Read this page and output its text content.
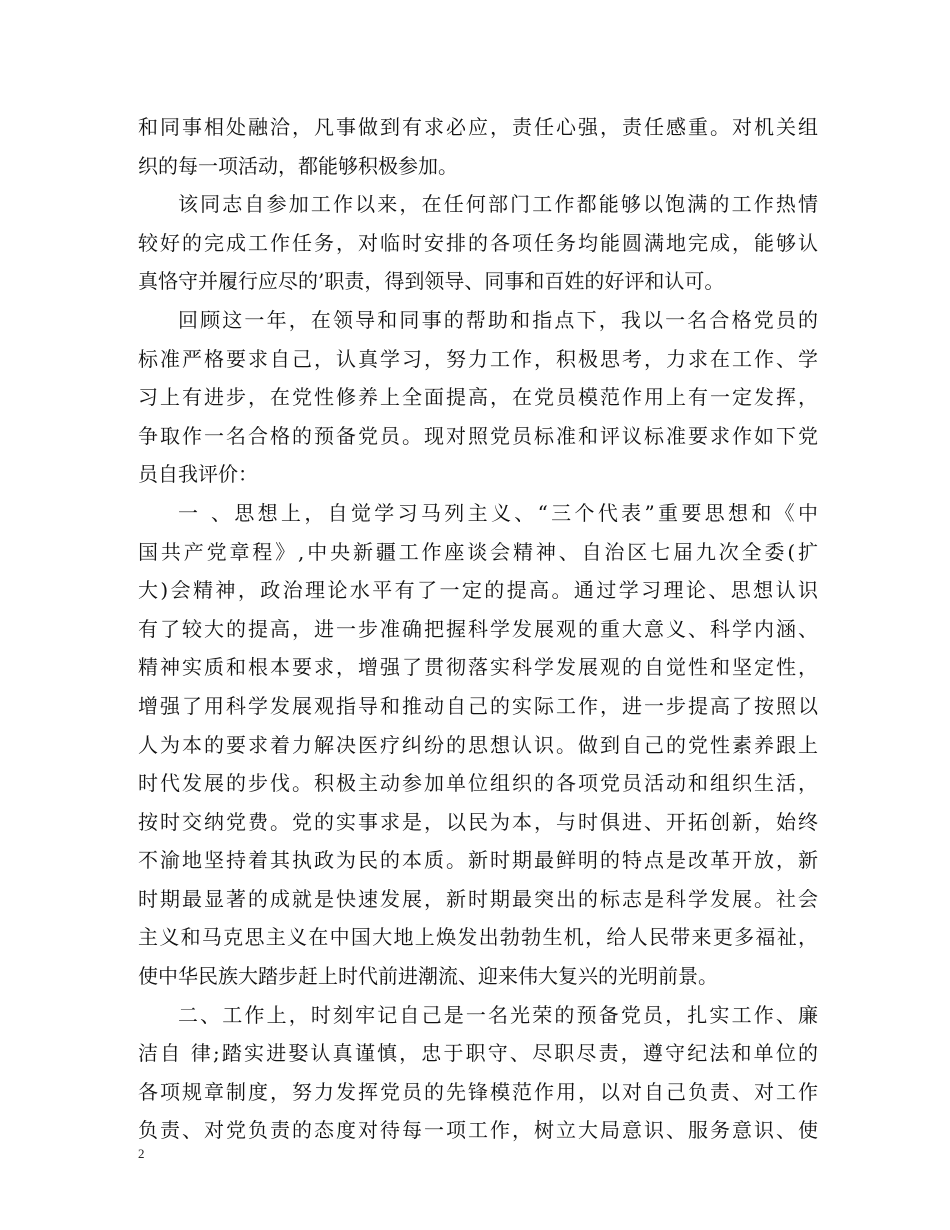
和同事相处融洽，凡事做到有求必应，责任心强，责任感重。对机关组
织的每一项活动，都能够积极参加。
该同志自参加工作以来，在任何部门工作都能够以饱满的工作热情
较好的完成工作任务，对临时安排的各项任务均能圆满地完成，能够认
真恪守并履行应尽的’职责，得到领导、同事和百姓的好评和认可。
回顾这一年，在领导和同事的帮助和指点下，我以一名合格党员的
标准严格要求自己，认真学习，努力工作，积极思考，力求在工作、学
习上有进步，在党性修养上全面提高，在党员模范作用上有一定发挥，
争取作一名合格的预备党员。现对照党员标准和评议标准要求作如下党
员自我评价：
一 、思想上，自觉学习马列主义、“三个代表”重要思想和《中
国共产党章程》,中央新疆工作座谈会精神、自治区七届九次全委(扩
大)会精神，政治理论水平有了一定的提高。通过学习理论、思想认识
有了较大的提高，进一步准确把握科学发展观的重大意义、科学内涵、
精神实质和根本要求，增强了贯彻落实科学发展观的自觉性和坚定性，
增强了用科学发展观指导和推动自己的实际工作，进一步提高了按照以
人为本的要求着力解决医疗纠纷的思想认识。做到自己的党性素养跟上
时代发展的步伐。积极主动参加单位组织的各项党员活动和组织生活，
按时交纳党费。党的实事求是，以民为本，与时俱进、开拓创新，始终
不渝地坚持着其执政为民的本质。新时期最鲜明的特点是改革开放，新
时期最显著的成就是快速发展，新时期最突出的标志是科学发展。社会
主义和马克思主义在中国大地上焕发出勃勃生机，给人民带来更多福祉，
使中华民族大踏步赶上时代前进潮流、迎来伟大复兴的光明前景。
二、工作上，时刻牢记自己是一名光荣的预备党员，扎实工作、廉
洁自 律;踏实进娶认真谨慎，忠于职守、尽职尽责，遵守纪法和单位的
各项规章制度，努力发挥党员的先锋模范作用，以对自己负责、对工作
负责、对党负责的态度对待每一项工作，树立大局意识、服务意识、使
2
